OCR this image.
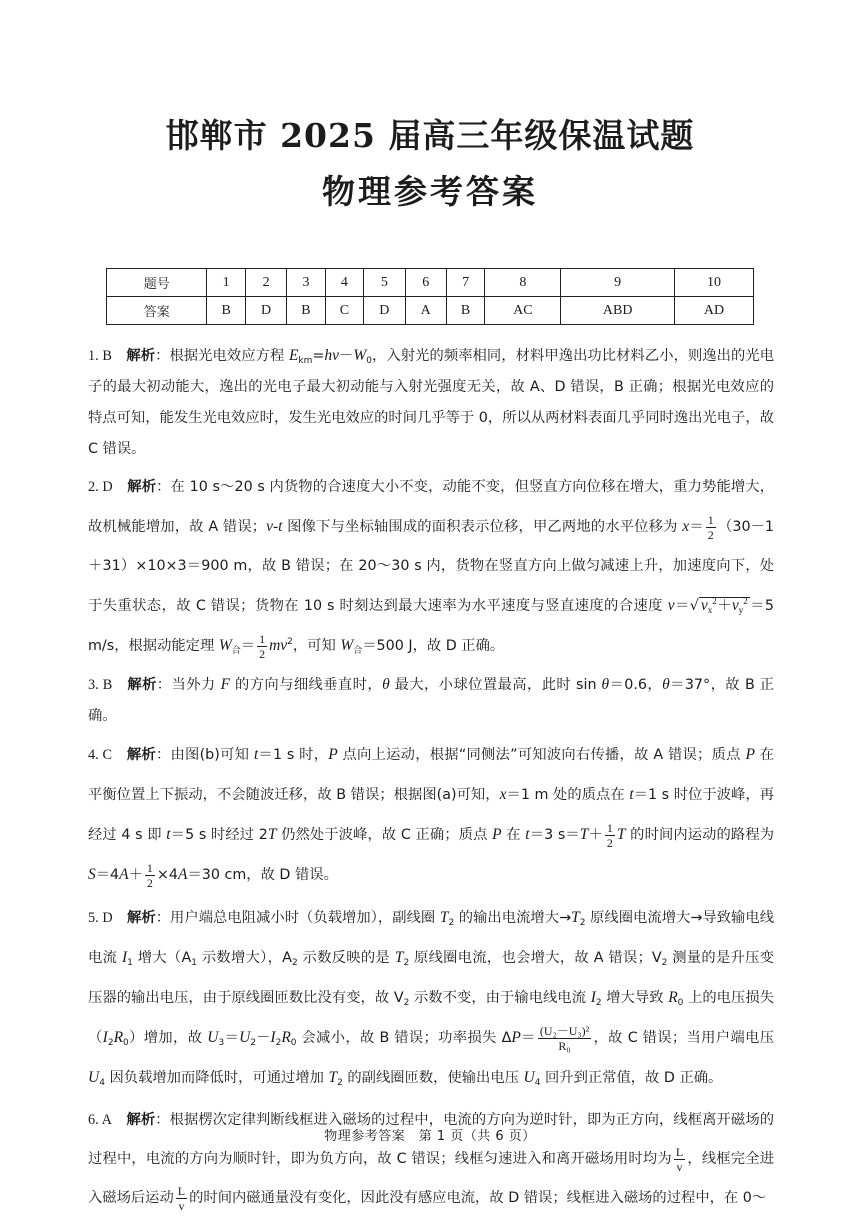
邯郸市 2025 届高三年级保温试题
物理参考答案
题号	1	2	3	4	5	6	7	8	9	10
答案	B	D	B	C	D	A	B	AC	ABD	AD

1. B　 解析：根据光电效应方程 $E_{km}=h\nu-W_0$，入射光的频率相同，材料甲逸出功比材料乙小，则逸出的光电子的最大初动能大，逸出的光电子最大初动能与入射光强度无关，故 A、D 错误，B 正确；根据光电效应的特点可知，能发生光电效应时，发生光电效应的时间几乎等于 0，所以从两材料表面几乎同时逸出光电子，故 C 错误。

2. D　 解析：在 10 s～20 s 内货物的合速度大小不变，动能不变，但竖直方向位移在增大，重力势能增大，故机械能增加，故 A 错误；v-t 图像下与坐标轴围成的面积表示位移，甲乙两地的水平位移为 $x= \frac{1}{2} (30-1+31)\times 10\times 3=900$ m，故 B 错误；在 20～30 s 内，货物在竖直方向上做匀减速上升，加速度向下，处于失重状态，故 C 错误；货物在 10 s 时刻达到最大速率为水平速度与竖直速度的合速度 v＝√ $v_x^2+v_y^2 =5$ m/s，根据动能定理 $W_合= \frac{1}{2} mv^2$，可知 $W_合=500$ J，故 D 正确。

3. B　 解析：当外力 F 的方向与细线垂直时，θ 最大，小球位置最高，此时 sin θ＝0.6，θ＝37°，故 B 正确。

4. C　 解析：由图(b)可知 t＝1 s 时，P 点向上运动，根据“同侧法”可知波向右传播，故 A 错误；质点 P 在平衡位置上下振动，不会随波迁移，故 B 错误；根据图(a)可知，x＝1 m 处的质点在 t＝1 s 时位于波峰，再经过 4 s 即 t＝5 s 时经过 2T 仍然处于波峰，故 C 正确；质点 P 在 t＝3 $s=T+ \frac{1}{2}$ T 的时间内运动的路程为 $S=4A+ \frac{1}{2} \times 4A=30$ cm，故 D 错误。

5. D　 解析：用户端总电阻减小时（负载增加），副线圈 $T_2$ 的输出电流增大$\to T_2$ 原线圈电流增大→导致输电线电流 $I_1$ 增大（$A_1$ 示数增大），$A_2$ 示数反映的是 $T_2$ 原线圈电流，也会增大，故 A 错误；$V_2$ 测量的是升压变压器的输出电压，由于原线圈匝数比没有变，故 $V_2$ 示数不变，由于输电线电流 $I_2$ 增大导致 $R_0$ 上的电压损失$(I_2R_0)$增加，故 $U_3=U_2-I_2R_0$ 会减小，故 B 错误；功率损失 $\Delta P= \frac{\text{(U₂－U₃)²}}{\text{R₀}}$ ，故 C 错误；当用户端电压 $U_4$ 因负载增加而降低时，可通过增加 $T_2$ 的副线圈匝数，使输出电压 $U_4$ 回升到正常值，故 D 正确。

6. A　 解析：根据楞次定律判断线框进入磁场的过程中，电流的方向为逆时针，即为正方向，线框离开磁场的过程中，电流的方向为顺时针，即为负方向，故 C 错误；线框匀速进入和离开磁场用时均为 $\frac{L}{v}$ ，线框完全进入磁场后运动 $\frac{L}{v}$ 的时间内磁通量没有变化，因此没有感应电流，故 D 错误；线框进入磁场的过程中，在 0～

物理参考答案　第 1 页（共 6 页）
